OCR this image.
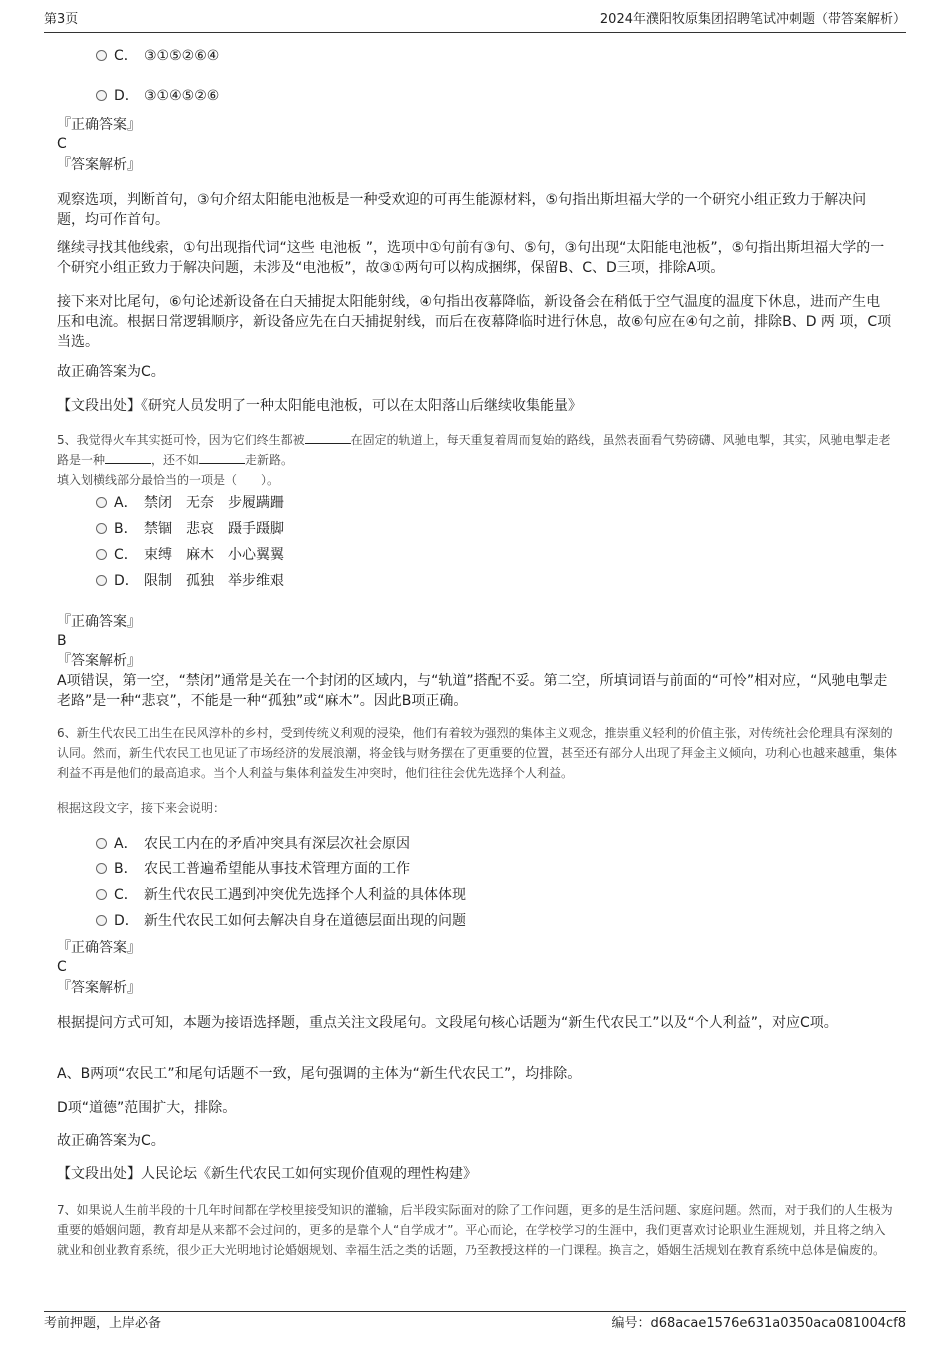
第3页	2024年濮阳牧原集团招聘笔试冲刺题（带答案解析）
C． ③①⑤②⑥④
D． ③①④⑤②⑥
『正确答案』
C
『答案解析』
观察选项，判断首句，③句介绍太阳能电池板是一种受欢迎的可再生能源材料，⑤句指出斯坦福大学的一个研究小组正致力于解决问题，均可作首句。
继续寻找其他线索，①句出现指代词“这些 电池板 ”，选项中①句前有③句、⑤句，③句出现“太阳能电池板”，⑤句指出斯坦福大学的一个研究小组正致力于解决问题，未涉及“电池板”，故③①两句可以构成捆绑，保留B、C、D三项，排除A项。
接下来对比尾句，⑥句论述新设备在白天捕捉太阳能射线，④句指出夜幕降临，新设备会在稍低于空气温度的温度下休息，进而产生电压和电流。根据日常逻辑顺序，新设备应先在白天捕捉射线，而后在夜幕降临时进行休息，故⑥句应在④句之前，排除B、D 两 项，C项当选。
故正确答案为C。
【文段出处】《研究人员发明了一种太阳能电池板，可以在太阳落山后继续收集能量》
5、我觉得火车其实挺可怜，因为它们终生都被	在固定的轨道上，每天重复着周而复始的路线，虽然表面看气势磅礴、风驰电掣，其实，风驰电掣走老路是一种	，还不如	走新路。
填入划横线部分最恰当的一项是（　　）。
A． 禁闭　无奈　步履蹒跚
B． 禁锢　悲哀　蹑手蹑脚
C． 束缚　麻木　小心翼翼
D． 限制　孤独　举步维艰
『正确答案』
B
『答案解析』
A项错误，第一空，“禁闭”通常是关在一个封闭的区域内，与“轨道”搭配不妥。第二空，所填词语与前面的“可怜”相对应，“风驰电掣走老路”是一种“悲哀”，不能是一种“孤独”或“麻木”。因此B项正确。
6、新生代农民工出生在民风淳朴的乡村，受到传统义利观的浸染，他们有着较为强烈的集体主义观念，推崇重义轻利的价值主张，对传统社会伦理具有深刻的认同。然而，新生代农民工也见证了市场经济的发展浪潮，将金钱与财务摆在了更重要的位置，甚至还有部分人出现了拜金主义倾向，功利心也越来越重，集体利益不再是他们的最高追求。当个人利益与集体利益发生冲突时，他们往往会优先选择个人利益。
根据这段文字，接下来会说明：
A． 农民工内在的矛盾冲突具有深层次社会原因
B． 农民工普遍希望能从事技术管理方面的工作
C． 新生代农民工遇到冲突优先选择个人利益的具体体现
D． 新生代农民工如何去解决自身在道德层面出现的问题
『正确答案』
C
『答案解析』
根据提问方式可知，本题为接语选择题，重点关注文段尾句。文段尾句核心话题为“新生代农民工”以及“个人利益”，对应C项。
A、B两项“农民工”和尾句话题不一致，尾句强调的主体为“新生代农民工”，均排除。
D项“道德”范围扩大，排除。
故正确答案为C。
【文段出处】人民论坛《新生代农民工如何实现价值观的理性构建》
7、如果说人生前半段的十几年时间都在学校里接受知识的灌输，后半段实际面对的除了工作问题，更多的是生活问题、家庭问题。然而，对于我们的人生极为重要的婚姻问题，教育却是从来都不会过问的，更多的是靠个人“自学成才”。平心而论，在学校学习的生涯中，我们更喜欢讨论职业生涯规划，并且将之纳入就业和创业教育系统，很少正大光明地讨论婚姻规划、幸福生活之类的话题，乃至教授这样的一门课程。换言之，婚姻生活规划在教育系统中总体是偏废的。
考前押题，上岸必备	编号：d68acae1576e631a0350aca081004cf8
